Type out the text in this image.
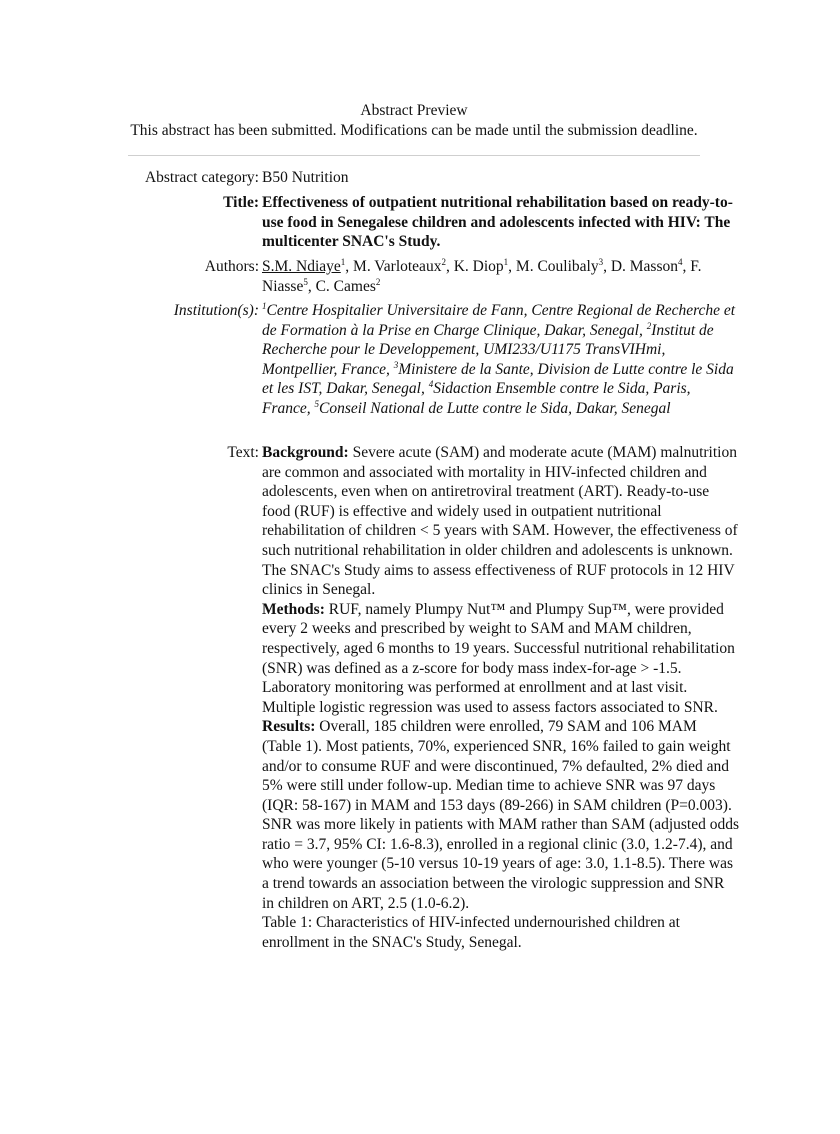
Abstract Preview
This abstract has been submitted. Modifications can be made until the submission deadline.
Abstract category: B50 Nutrition
Title: Effectiveness of outpatient nutritional rehabilitation based on ready-to-use food in Senegalese children and adolescents infected with HIV: The multicenter SNAC's Study.
Authors: S.M. Ndiaye$^1$, M. Varloteaux$^2$, K. Diop$^1$, M. Coulibaly$^3$, D. Masson$^4$, F. Niasse$^5$, C. Cames$^2$
Institution(s): $^1$Centre Hospitalier Universitaire de Fann, Centre Regional de Recherche et de Formation à la Prise en Charge Clinique, Dakar, Senegal, $^2$Institut de Recherche pour le Developpement, UMI233/U1175 TransVIHmi, Montpellier, France, $^3$Ministere de la Sante, Division de Lutte contre le Sida et les IST, Dakar, Senegal, $^4$Sidaction Ensemble contre le Sida, Paris, France, $^5$Conseil National de Lutte contre le Sida, Dakar, Senegal
Text: Background: Severe acute (SAM) and moderate acute (MAM) malnutrition are common and associated with mortality in HIV-infected children and adolescents, even when on antiretroviral treatment (ART). Ready-to-use food (RUF) is effective and widely used in outpatient nutritional rehabilitation of children < 5 years with SAM. However, the effectiveness of such nutritional rehabilitation in older children and adolescents is unknown. The SNAC's Study aims to assess effectiveness of RUF protocols in 12 HIV clinics in Senegal.
Methods: RUF, namely Plumpy Nut™ and Plumpy Sup™, were provided every 2 weeks and prescribed by weight to SAM and MAM children, respectively, aged 6 months to 19 years. Successful nutritional rehabilitation (SNR) was defined as a z-score for body mass index-for-age > -1.5. Laboratory monitoring was performed at enrollment and at last visit. Multiple logistic regression was used to assess factors associated to SNR.
Results: Overall, 185 children were enrolled, 79 SAM and 106 MAM (Table 1). Most patients, 70%, experienced SNR, 16% failed to gain weight and/or to consume RUF and were discontinued, 7% defaulted, 2% died and 5% were still under follow-up. Median time to achieve SNR was 97 days (IQR: 58-167) in MAM and 153 days (89-266) in SAM children (P=0.003). SNR was more likely in patients with MAM rather than SAM (adjusted odds ratio = 3.7, 95% CI: 1.6-8.3), enrolled in a regional clinic (3.0, 1.2-7.4), and who were younger (5-10 versus 10-19 years of age: 3.0, 1.1-8.5). There was a trend towards an association between the virologic suppression and SNR in children on ART, 2.5 (1.0-6.2).
Table 1: Characteristics of HIV-infected undernourished children at enrollment in the SNAC's Study, Senegal.
